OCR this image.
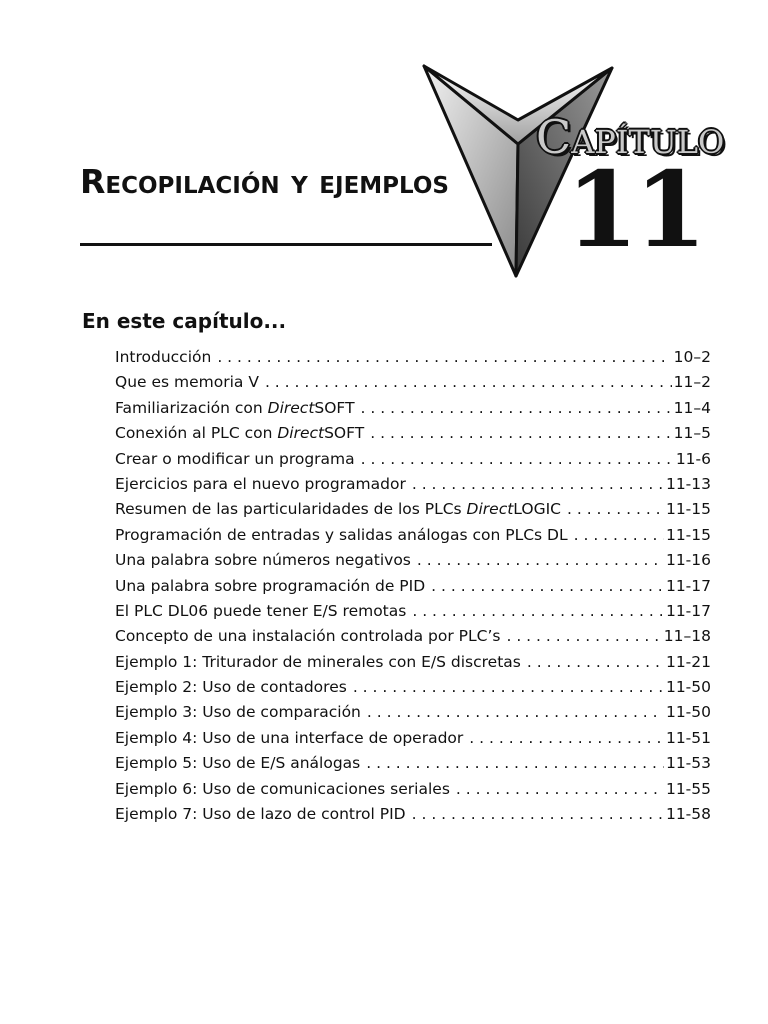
Recopilación y ejemplos
Capítulo
11
En este capítulo...
Introducción . . .	10–2
Que es memoria V . . .	11–2
Familiarización con DirectSOFT . . .	11–4
Conexión al PLC con DirectSOFT . . .	11–5
Crear o modificar un programa . . .	11-6
Ejercicios para el nuevo programador . . .	11-13
Resumen de las particularidades de los PLCs DirectLOGIC . . .	11-15
Programación de entradas y salidas análogas con PLCs DL . . .	11-15
Una palabra sobre números negativos . . .	11-16
Una palabra sobre programación de PID . . .	11-17
El PLC DL06 puede tener E/S remotas . . .	11-17
Concepto de una instalación controlada por PLC’s . . .	11–18
Ejemplo 1: Triturador de minerales con E/S discretas . . .	11-21
Ejemplo 2: Uso de contadores . . .	11-50
Ejemplo 3: Uso de comparación . . .	11-50
Ejemplo 4: Uso de una interface de operador . . .	11-51
Ejemplo 5: Uso de E/S análogas . . .	11-53
Ejemplo 6: Uso de comunicaciones seriales . . .	11-55
Ejemplo 7: Uso de lazo de control PID . . .	11-58
